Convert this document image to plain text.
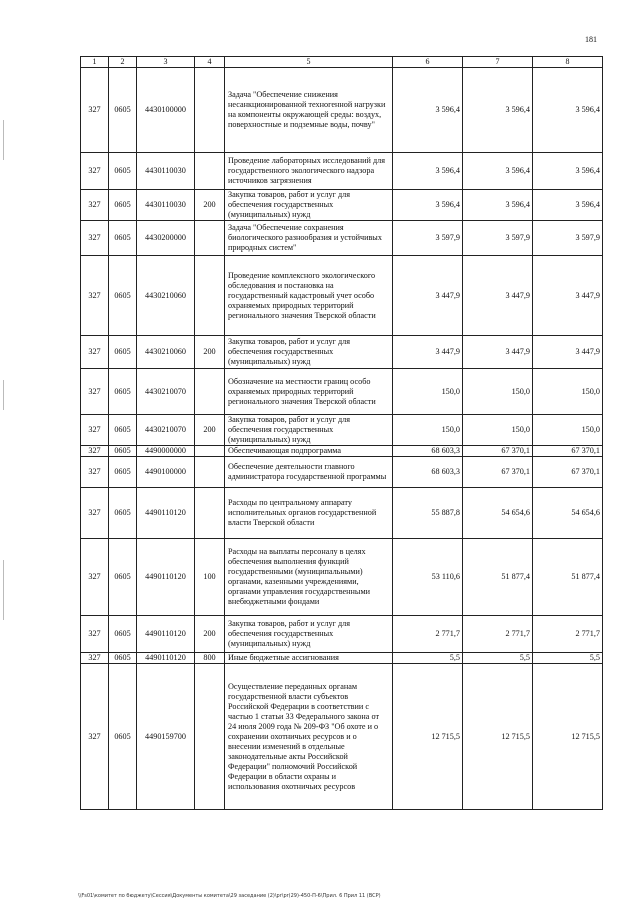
181
1	2	3	4	5	6	7	8
327	0605	4430100000		Задача "Обеспечение снижения несанкционированной техногенной нагрузки на компоненты окружающей среды: воздух, поверхностные и подземные воды, почву"	3 596,4	3 596,4	3 596,4
327	0605	4430110030		Проведение лабораторных исследований для государственного экологического надзора источников загрязнения	3 596,4	3 596,4	3 596,4
327	0605	4430110030	200	Закупка товаров, работ и услуг для обеспечения государственных (муниципальных) нужд	3 596,4	3 596,4	3 596,4
327	0605	4430200000		Задача "Обеспечение сохранения биологического разнообразия и устойчивых природных систем"	3 597,9	3 597,9	3 597,9
327	0605	4430210060		Проведение комплексного экологического обследования и постановка на государственный кадастровый учет особо охраняемых природных территорий регионального значения Тверской области	3 447,9	3 447,9	3 447,9
327	0605	4430210060	200	Закупка товаров, работ и услуг для обеспечения государственных (муниципальных) нужд	3 447,9	3 447,9	3 447,9
327	0605	4430210070		Обозначение на местности границ особо охраняемых природных территорий регионального значения Тверской области	150,0	150,0	150,0
327	0605	4430210070	200	Закупка товаров, работ и услуг для обеспечения государственных (муниципальных) нужд	150,0	150,0	150,0
327	0605	4490000000		Обеспечивающая подпрограмма	68 603,3	67 370,1	67 370,1
327	0605	4490100000		Обеспечение деятельности главного администратора государственной программы	68 603,3	67 370,1	67 370,1
327	0605	4490110120		Расходы по центральному аппарату исполнительных органов государственной власти Тверской области	55 887,8	54 654,6	54 654,6
327	0605	4490110120	100	Расходы на выплаты персоналу в целях обеспечения выполнения функций государственными (муниципальными) органами, казенными учреждениями, органами управления государственными внебюджетными фондами	53 110,6	51 877,4	51 877,4
327	0605	4490110120	200	Закупка товаров, работ и услуг для обеспечения государственных (муниципальных) нужд	2 771,7	2 771,7	2 771,7
327	0605	4490110120	800	Иные бюджетные ассигнования	5,5	5,5	5,5
327	0605	4490159700		Осуществление переданных органам государственной власти субъектов Российской Федерации в соответствии с частью 1 статьи 33 Федерального закона от 24 июля 2009 года № 209-ФЗ "Об охоте и о сохранении охотничьих ресурсов и о внесении изменений в отдельные законодательные акты Российской Федерации" полномочий Российской Федерации в области охраны и использования охотничьих ресурсов	12 715,5	12 715,5	12 715,5
\\Fs01\комитет по бюджету\Сессия\Документы комитета\29 заседание (2)\pr\pr(29)-450-П-6\Прил. 6 Прил 11 (ВСР)
